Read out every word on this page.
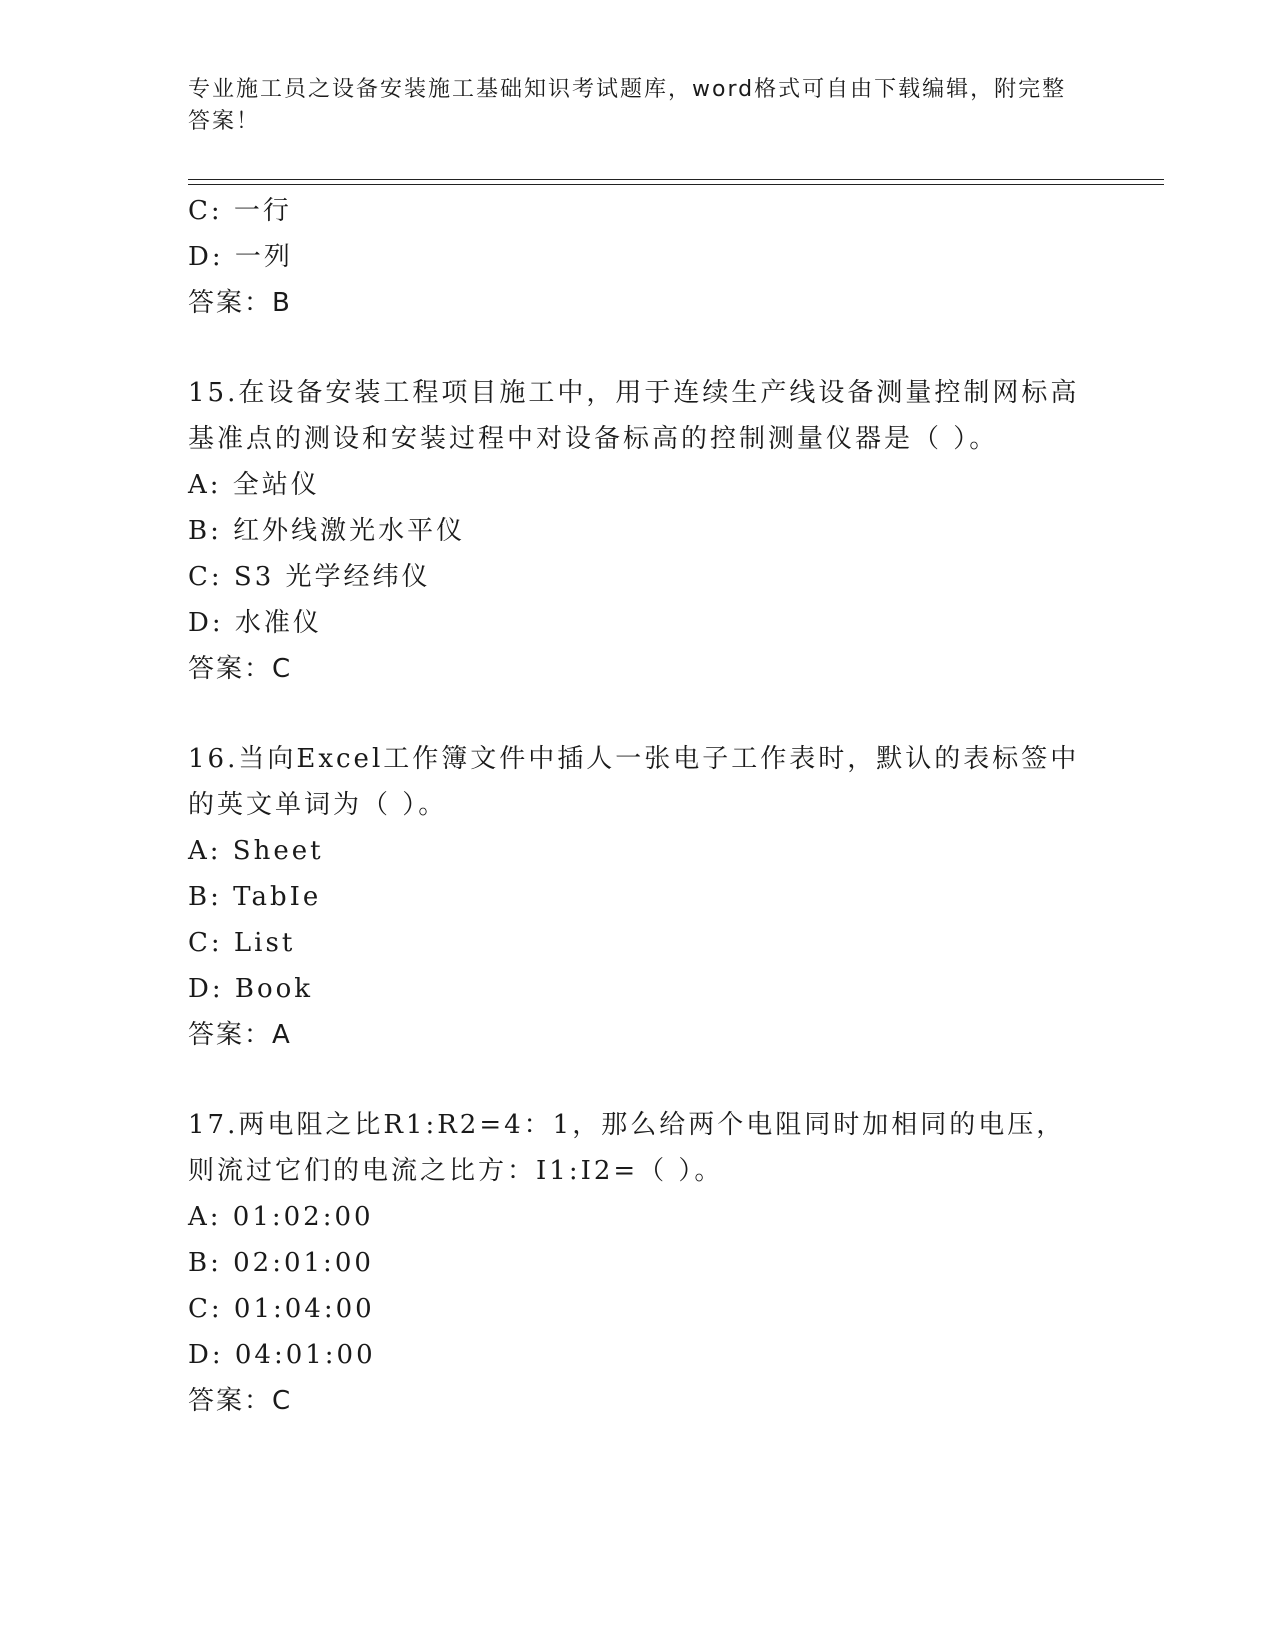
专业施工员之设备安装施工基础知识考试题库，word格式可自由下载编辑，附完整答案！
C: 一行
D: 一列
答案：B
15.在设备安装工程项目施工中，用于连续生产线设备测量控制网标高基准点的测设和安装过程中对设备标高的控制测量仪器是（ ）。
A: 全站仪
B: 红外线激光水平仪
C: S3 光学经纬仪
D: 水准仪
答案：C
16.当向Excel工作簿文件中插人一张电子工作表时，默认的表标签中的英文单词为（ ）。
A: Sheet
B: TabIe
C: List
D: Book
答案：A
17.两电阻之比R1:R2=4：1，那么给两个电阻同时加相同的电压，则流过它们的电流之比方：I1:I2=（ ）。
A: 01:02:00
B: 02:01:00
C: 01:04:00
D: 04:01:00
答案：C
